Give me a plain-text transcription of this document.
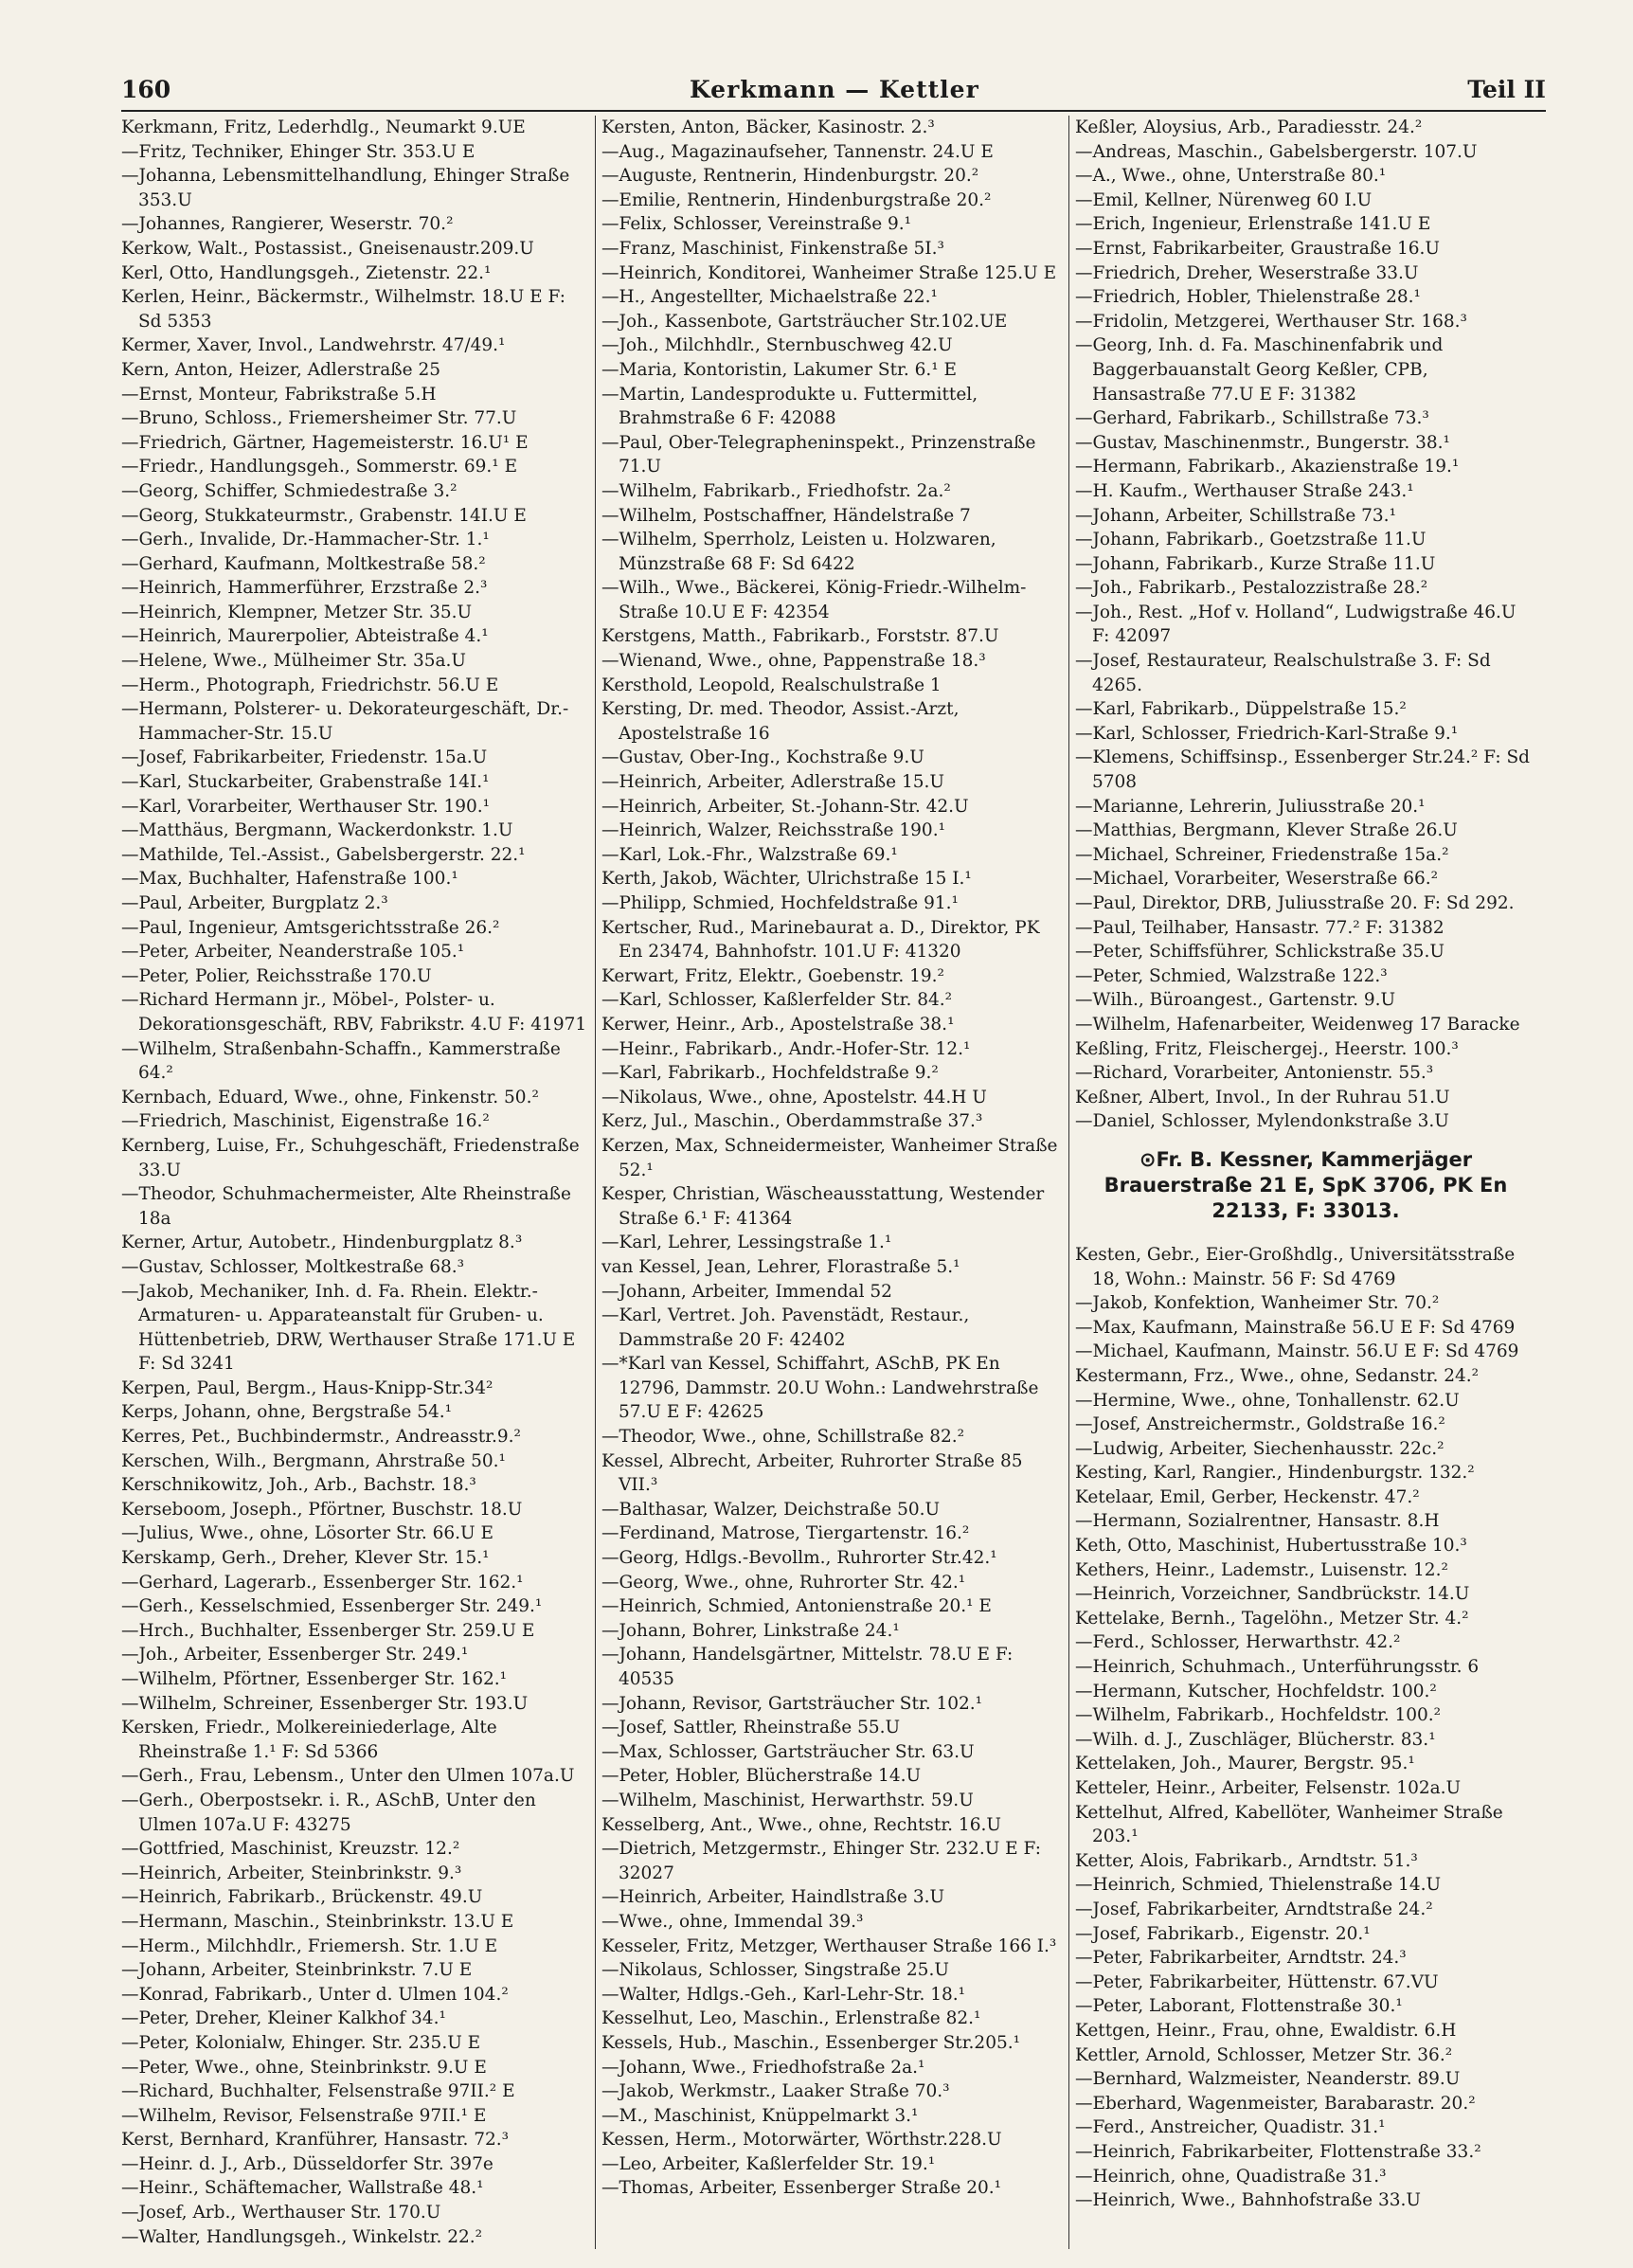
160	Kerkmann — Kettler	Teil II

Kerkmann, Fritz, Lederhdlg., Neumarkt 9.UE

—Fritz, Techniker, Ehinger Str. 353.U E

—Johanna, Lebensmittelhandlung, Ehinger Straße 353.U

—Johannes, Rangierer, Weserstr. 70.²

Kerkow, Walt., Postassist., Gneisenaustr.209.U

Kerl, Otto, Handlungsgeh., Zietenstr. 22.¹

Kerlen, Heinr., Bäckermstr., Wilhelmstr. 18.U E F: Sd 5353

Kermer, Xaver, Invol., Landwehrstr. 47/49.¹

Kern, Anton, Heizer, Adlerstraße 25

—Ernst, Monteur, Fabrikstraße 5.H

—Bruno, Schloss., Friemersheimer Str. 77.U

—Friedrich, Gärtner, Hagemeisterstr. 16.U¹ E

—Friedr., Handlungsgeh., Sommerstr. 69.¹ E

—Georg, Schiffer, Schmiedestraße 3.²

—Georg, Stukkateurmstr., Grabenstr. 14I.U E

—Gerh., Invalide, Dr.-Hammacher-Str. 1.¹

—Gerhard, Kaufmann, Moltkestraße 58.²

—Heinrich, Hammerführer, Erzstraße 2.³

—Heinrich, Klempner, Metzer Str. 35.U

—Heinrich, Maurerpolier, Abteistraße 4.¹

—Helene, Wwe., Mülheimer Str. 35a.U

—Herm., Photograph, Friedrichstr. 56.U E

—Hermann, Polsterer- u. Dekorateurgeschäft, Dr.-Hammacher-Str. 15.U

—Josef, Fabrikarbeiter, Friedenstr. 15a.U

—Karl, Stuckarbeiter, Grabenstraße 14I.¹

—Karl, Vorarbeiter, Werthauser Str. 190.¹

—Matthäus, Bergmann, Wackerdonkstr. 1.U

—Mathilde, Tel.-Assist., Gabelsbergerstr. 22.¹

—Max, Buchhalter, Hafenstraße 100.¹

—Paul, Arbeiter, Burgplatz 2.³

—Paul, Ingenieur, Amtsgerichtsstraße 26.²

—Peter, Arbeiter, Neanderstraße 105.¹

—Peter, Polier, Reichsstraße 170.U

—Richard Hermann jr., Möbel-, Polster- u. Dekorationsgeschäft, RBV, Fabrikstr. 4.U F: 41971

—Wilhelm, Straßenbahn-Schaffn., Kammerstraße 64.²

Kernbach, Eduard, Wwe., ohne, Finkenstr. 50.²

—Friedrich, Maschinist, Eigenstraße 16.²

Kernberg, Luise, Fr., Schuhgeschäft, Friedenstraße 33.U

—Theodor, Schuhmachermeister, Alte Rheinstraße 18a

Kerner, Artur, Autobetr., Hindenburgplatz 8.³

—Gustav, Schlosser, Moltkestraße 68.³

—Jakob, Mechaniker, Inh. d. Fa. Rhein. Elektr.-Armaturen- u. Apparateanstalt für Gruben- u. Hüttenbetrieb, DRW, Werthauser Straße 171.U E F: Sd 3241

Kerpen, Paul, Bergm., Haus-Knipp-Str.34²

Kerps, Johann, ohne, Bergstraße 54.¹

Kerres, Pet., Buchbindermstr., Andreasstr.9.²

Kerschen, Wilh., Bergmann, Ahrstraße 50.¹

Kerschnikowitz, Joh., Arb., Bachstr. 18.³

Kerseboom, Joseph., Pförtner, Buschstr. 18.U

—Julius, Wwe., ohne, Lösorter Str. 66.U E

Kerskamp, Gerh., Dreher, Klever Str. 15.¹

—Gerhard, Lagerarb., Essenberger Str. 162.¹

—Gerh., Kesselschmied, Essenberger Str. 249.¹

—Hrch., Buchhalter, Essenberger Str. 259.U E

—Joh., Arbeiter, Essenberger Str. 249.¹

—Wilhelm, Pförtner, Essenberger Str. 162.¹

—Wilhelm, Schreiner, Essenberger Str. 193.U

Kersken, Friedr., Molkereiniederlage, Alte Rheinstraße 1.¹ F: Sd 5366

—Gerh., Frau, Lebensm., Unter den Ulmen 107a.U

—Gerh., Oberpostsekr. i. R., ASchB, Unter den Ulmen 107a.U F: 43275

—Gottfried, Maschinist, Kreuzstr. 12.²

—Heinrich, Arbeiter, Steinbrinkstr. 9.³

—Heinrich, Fabrikarb., Brückenstr. 49.U

—Hermann, Maschin., Steinbrinkstr. 13.U E

—Herm., Milchhdlr., Friemersh. Str. 1.U E

—Johann, Arbeiter, Steinbrinkstr. 7.U E

—Konrad, Fabrikarb., Unter d. Ulmen 104.²

—Peter, Dreher, Kleiner Kalkhof 34.¹

—Peter, Kolonialw, Ehinger. Str. 235.U E

—Peter, Wwe., ohne, Steinbrinkstr. 9.U E

—Richard, Buchhalter, Felsenstraße 97II.² E

—Wilhelm, Revisor, Felsenstraße 97II.¹ E

Kerst, Bernhard, Kranführer, Hansastr. 72.³

—Heinr. d. J., Arb., Düsseldorfer Str. 397e

—Heinr., Schäftemacher, Wallstraße 48.¹

—Josef, Arb., Werthauser Str. 170.U

—Walter, Handlungsgeh., Winkelstr. 22.²

Kersten, Anton, Bäcker, Kasinostr. 2.³

—Aug., Magazinaufseher, Tannenstr. 24.U E

—Auguste, Rentnerin, Hindenburgstr. 20.²

—Emilie, Rentnerin, Hindenburgstraße 20.²

—Felix, Schlosser, Vereinstraße 9.¹

—Franz, Maschinist, Finkenstraße 5I.³

—Heinrich, Konditorei, Wanheimer Straße 125.U E

—H., Angestellter, Michaelstraße 22.¹

—Joh., Kassenbote, Gartsträucher Str.102.UE

—Joh., Milchhdlr., Sternbuschweg 42.U

—Maria, Kontoristin, Lakumer Str. 6.¹ E

—Martin, Landesprodukte u. Futtermittel, Brahmstraße 6 F: 42088

—Paul, Ober-Telegrapheninspekt., Prinzenstraße 71.U

—Wilhelm, Fabrikarb., Friedhofstr. 2a.²

—Wilhelm, Postschaffner, Händelstraße 7

—Wilhelm, Sperrholz, Leisten u. Holzwaren, Münzstraße 68 F: Sd 6422

—Wilh., Wwe., Bäckerei, König-Friedr.-Wilhelm-Straße 10.U E F: 42354

Kerstgens, Matth., Fabrikarb., Forststr. 87.U

—Wienand, Wwe., ohne, Pappenstraße 18.³

Kersthold, Leopold, Realschulstraße 1

Kersting, Dr. med. Theodor, Assist.-Arzt, Apostelstraße 16

—Gustav, Ober-Ing., Kochstraße 9.U

—Heinrich, Arbeiter, Adlerstraße 15.U

—Heinrich, Arbeiter, St.-Johann-Str. 42.U

—Heinrich, Walzer, Reichsstraße 190.¹

—Karl, Lok.-Fhr., Walzstraße 69.¹

Kerth, Jakob, Wächter, Ulrichstraße 15 I.¹

—Philipp, Schmied, Hochfeldstraße 91.¹

Kertscher, Rud., Marinebaurat a. D., Direktor, PK En 23474, Bahnhofstr. 101.U F: 41320

Kerwart, Fritz, Elektr., Goebenstr. 19.²

—Karl, Schlosser, Kaßlerfelder Str. 84.²

Kerwer, Heinr., Arb., Apostelstraße 38.¹

—Heinr., Fabrikarb., Andr.-Hofer-Str. 12.¹

—Karl, Fabrikarb., Hochfeldstraße 9.²

—Nikolaus, Wwe., ohne, Apostelstr. 44.H U

Kerz, Jul., Maschin., Oberdammstraße 37.³

Kerzen, Max, Schneidermeister, Wanheimer Straße 52.¹

Kesper, Christian, Wäscheausstattung, Westender Straße 6.¹ F: 41364

—Karl, Lehrer, Lessingstraße 1.¹

van Kessel, Jean, Lehrer, Florastraße 5.¹

—Johann, Arbeiter, Immendal 52

—Karl, Vertret. Joh. Pavenstädt, Restaur., Dammstraße 20 F: 42402

—*Karl van Kessel, Schiffahrt, ASchB, PK En 12796, Dammstr. 20.U Wohn.: Landwehrstraße 57.U E F: 42625

—Theodor, Wwe., ohne, Schillstraße 82.²

Kessel, Albrecht, Arbeiter, Ruhrorter Straße 85 VII.³

—Balthasar, Walzer, Deichstraße 50.U

—Ferdinand, Matrose, Tiergartenstr. 16.²

—Georg, Hdlgs.-Bevollm., Ruhrorter Str.42.¹

—Georg, Wwe., ohne, Ruhrorter Str. 42.¹

—Heinrich, Schmied, Antonienstraße 20.¹ E

—Johann, Bohrer, Linkstraße 24.¹

—Johann, Handelsgärtner, Mittelstr. 78.U E F: 40535

—Johann, Revisor, Gartsträucher Str. 102.¹

—Josef, Sattler, Rheinstraße 55.U

—Max, Schlosser, Gartsträucher Str. 63.U

—Peter, Hobler, Blücherstraße 14.U

—Wilhelm, Maschinist, Herwarthstr. 59.U

Kesselberg, Ant., Wwe., ohne, Rechtstr. 16.U

—Dietrich, Metzgermstr., Ehinger Str. 232.U E F: 32027

—Heinrich, Arbeiter, Haindlstraße 3.U

—Wwe., ohne, Immendal 39.³

Kesseler, Fritz, Metzger, Werthauser Straße 166 I.³

—Nikolaus, Schlosser, Singstraße 25.U

—Walter, Hdlgs.-Geh., Karl-Lehr-Str. 18.¹

Kesselhut, Leo, Maschin., Erlenstraße 82.¹

Kessels, Hub., Maschin., Essenberger Str.205.¹

—Johann, Wwe., Friedhofstraße 2a.¹

—Jakob, Werkmstr., Laaker Straße 70.³

—M., Maschinist, Knüppelmarkt 3.¹

Kessen, Herm., Motorwärter, Wörthstr.228.U

—Leo, Arbeiter, Kaßlerfelder Str. 19.¹

—Thomas, Arbeiter, Essenberger Straße 20.¹

Keßler, Aloysius, Arb., Paradiesstr. 24.²

—Andreas, Maschin., Gabelsbergerstr. 107.U

—A., Wwe., ohne, Unterstraße 80.¹

—Emil, Kellner, Nürenweg 60 I.U

—Erich, Ingenieur, Erlenstraße 141.U E

—Ernst, Fabrikarbeiter, Graustraße 16.U

—Friedrich, Dreher, Weserstraße 33.U

—Friedrich, Hobler, Thielenstraße 28.¹

—Fridolin, Metzgerei, Werthauser Str. 168.³

—Georg, Inh. d. Fa. Maschinenfabrik und Baggerbauanstalt Georg Keßler, CPB, Hansastraße 77.U E F: 31382

—Gerhard, Fabrikarb., Schillstraße 73.³

—Gustav, Maschinenmstr., Bungerstr. 38.¹

—Hermann, Fabrikarb., Akazienstraße 19.¹

—H. Kaufm., Werthauser Straße 243.¹

—Johann, Arbeiter, Schillstraße 73.¹

—Johann, Fabrikarb., Goetzstraße 11.U

—Johann, Fabrikarb., Kurze Straße 11.U

—Joh., Fabrikarb., Pestalozzistraße 28.²

—Joh., Rest. „Hof v. Holland“, Ludwigstraße 46.U F: 42097

—Josef, Restaurateur, Realschulstraße 3. F: Sd 4265.

—Karl, Fabrikarb., Düppelstraße 15.²

—Karl, Schlosser, Friedrich-Karl-Straße 9.¹

—Klemens, Schiffsinsp., Essenberger Str.24.² F: Sd 5708

—Marianne, Lehrerin, Juliusstraße 20.¹

—Matthias, Bergmann, Klever Straße 26.U

—Michael, Schreiner, Friedenstraße 15a.²

—Michael, Vorarbeiter, Weserstraße 66.²

—Paul, Direktor, DRB, Juliusstraße 20. F: Sd 292.

—Paul, Teilhaber, Hansastr. 77.² F: 31382

—Peter, Schiffsführer, Schlickstraße 35.U

—Peter, Schmied, Walzstraße 122.³

—Wilh., Büroangest., Gartenstr. 9.U

—Wilhelm, Hafenarbeiter, Weidenweg 17 Baracke

Keßling, Fritz, Fleischergej., Heerstr. 100.³

—Richard, Vorarbeiter, Antonienstr. 55.³

Keßner, Albert, Invol., In der Ruhrau 51.U

—Daniel, Schlosser, Mylendonkstraße 3.U

⊙Fr. B. Kessner, Kammerjäger
Brauerstraße 21 E, SpK 3706, PK En
22133, F: 33013.

Kesten, Gebr., Eier-Großhdlg., Universitätsstraße 18, Wohn.: Mainstr. 56 F: Sd 4769

—Jakob, Konfektion, Wanheimer Str. 70.²

—Max, Kaufmann, Mainstraße 56.U E F: Sd 4769

—Michael, Kaufmann, Mainstr. 56.U E F: Sd 4769

Kestermann, Frz., Wwe., ohne, Sedanstr. 24.²

—Hermine, Wwe., ohne, Tonhallenstr. 62.U

—Josef, Anstreichermstr., Goldstraße 16.²

—Ludwig, Arbeiter, Siechenhausstr. 22c.²

Kesting, Karl, Rangier., Hindenburgstr. 132.²

Ketelaar, Emil, Gerber, Heckenstr. 47.²

—Hermann, Sozialrentner, Hansastr. 8.H

Keth, Otto, Maschinist, Hubertusstraße 10.³

Kethers, Heinr., Lademstr., Luisenstr. 12.²

—Heinrich, Vorzeichner, Sandbrückstr. 14.U

Kettelake, Bernh., Tagelöhn., Metzer Str. 4.²

—Ferd., Schlosser, Herwarthstr. 42.²

—Heinrich, Schuhmach., Unterführungsstr. 6

—Hermann, Kutscher, Hochfeldstr. 100.²

—Wilhelm, Fabrikarb., Hochfeldstr. 100.²

—Wilh. d. J., Zuschläger, Blücherstr. 83.¹

Kettelaken, Joh., Maurer, Bergstr. 95.¹

Ketteler, Heinr., Arbeiter, Felsenstr. 102a.U

Kettelhut, Alfred, Kabellöter, Wanheimer Straße 203.¹

Ketter, Alois, Fabrikarb., Arndtstr. 51.³

—Heinrich, Schmied, Thielenstraße 14.U

—Josef, Fabrikarbeiter, Arndtstraße 24.²

—Josef, Fabrikarb., Eigenstr. 20.¹

—Peter, Fabrikarbeiter, Arndtstr. 24.³

—Peter, Fabrikarbeiter, Hüttenstr. 67.VU

—Peter, Laborant, Flottenstraße 30.¹

Kettgen, Heinr., Frau, ohne, Ewaldistr. 6.H

Kettler, Arnold, Schlosser, Metzer Str. 36.²

—Bernhard, Walzmeister, Neanderstr. 89.U

—Eberhard, Wagenmeister, Barabarastr. 20.²

—Ferd., Anstreicher, Quadistr. 31.¹

—Heinrich, Fabrikarbeiter, Flottenstraße 33.²

—Heinrich, ohne, Quadistraße 31.³

—Heinrich, Wwe., Bahnhofstraße 33.U
